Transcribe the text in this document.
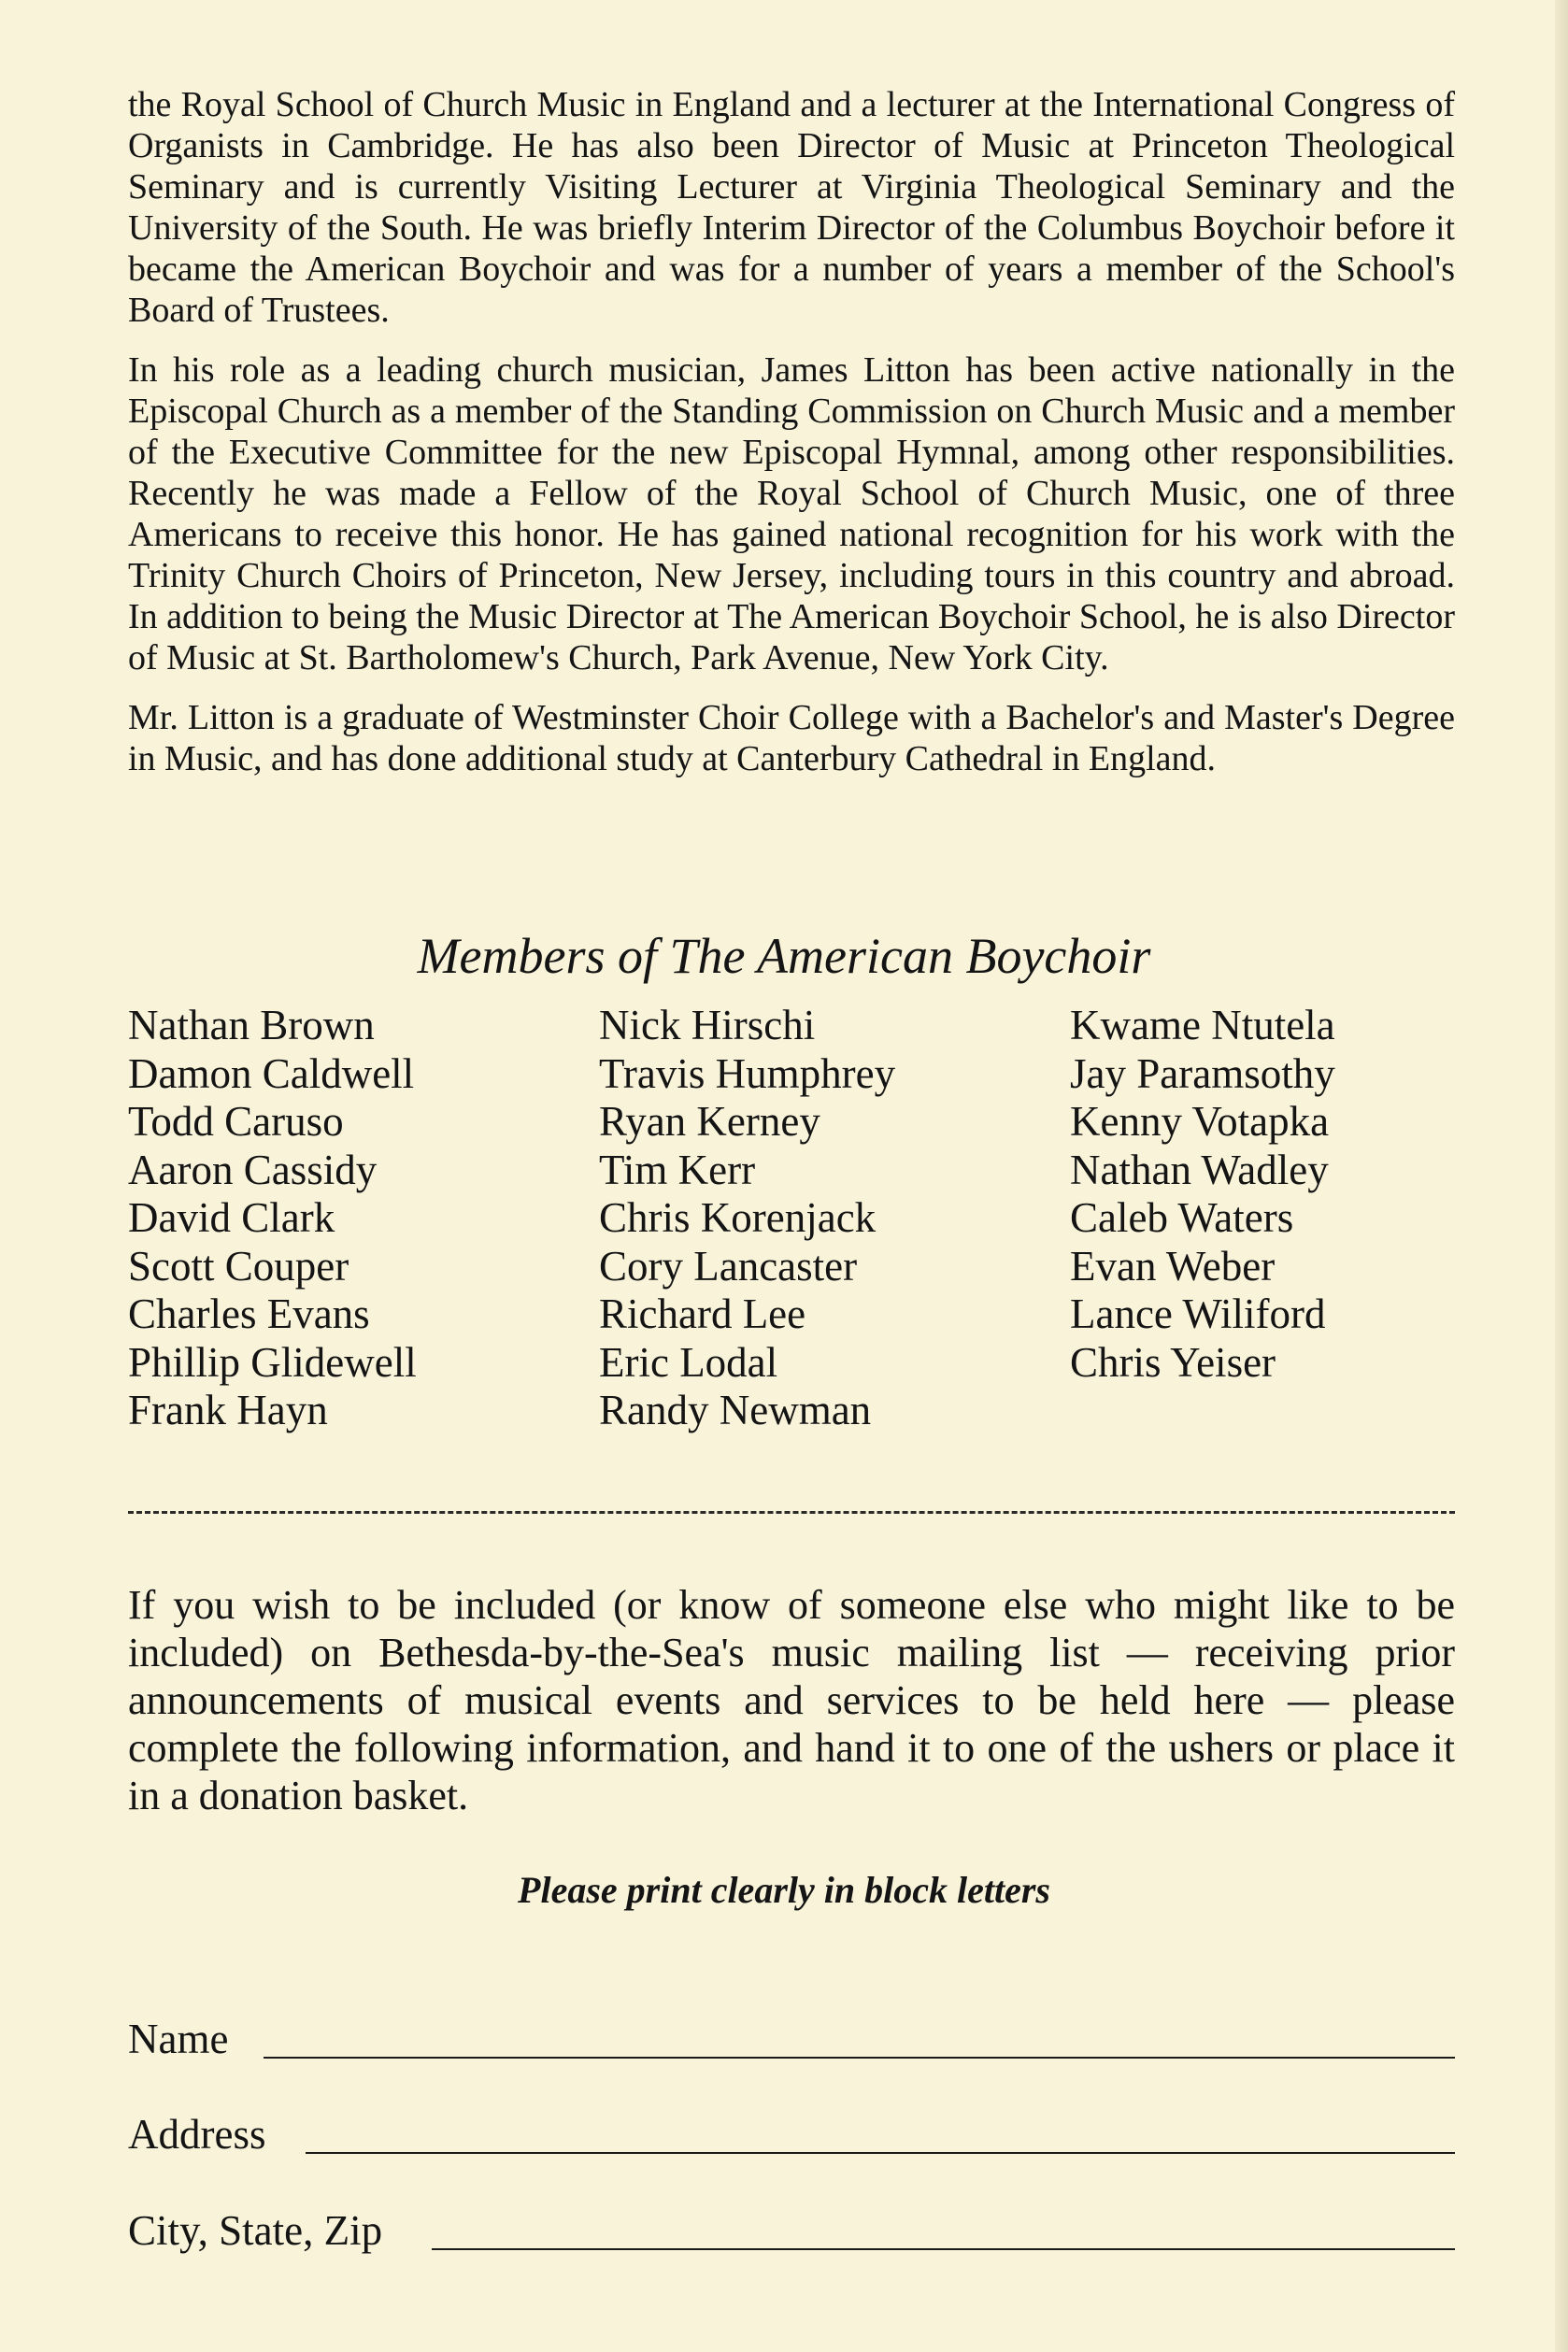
the Royal School of Church Music in England and a lecturer at the International Congress of Organists in Cambridge. He has also been Director of Music at Princeton Theological Seminary and is currently Visiting Lecturer at Virginia Theological Seminary and the University of the South. He was briefly Interim Director of the Columbus Boychoir before it became the American Boychoir and was for a number of years a member of the School's Board of Trustees.

In his role as a leading church musician, James Litton has been active nationally in the Episcopal Church as a member of the Standing Commission on Church Music and a member of the Executive Committee for the new Episcopal Hymnal, among other responsibilities. Recently he was made a Fellow of the Royal School of Church Music, one of three Americans to receive this honor. He has gained national recognition for his work with the Trinity Church Choirs of Princeton, New Jersey, including tours in this country and abroad. In addition to being the Music Director at The American Boychoir School, he is also Director of Music at St. Bartholomew's Church, Park Avenue, New York City.

Mr. Litton is a graduate of Westminster Choir College with a Bachelor's and Master's Degree in Music, and has done additional study at Canterbury Cathedral in England.

Members of The American Boychoir
Nathan Brown
Damon Caldwell
Todd Caruso
Aaron Cassidy
David Clark
Scott Couper
Charles Evans
Phillip Glidewell
Frank Hayn
Nick Hirschi
Travis Humphrey
Ryan Kerney
Tim Kerr
Chris Korenjack
Cory Lancaster
Richard Lee
Eric Lodal
Randy Newman
Kwame Ntutela
Jay Paramsothy
Kenny Votapka
Nathan Wadley
Caleb Waters
Evan Weber
Lance Wiliford
Chris Yeiser
If you wish to be included (or know of someone else who might like to be included) on Bethesda-by-the-Sea's music mailing list — receiving prior announcements of musical events and services to be held here — please complete the following information, and hand it to one of the ushers or place it in a donation basket.
Please print clearly in block letters
Name
Address
City, State, Zip
